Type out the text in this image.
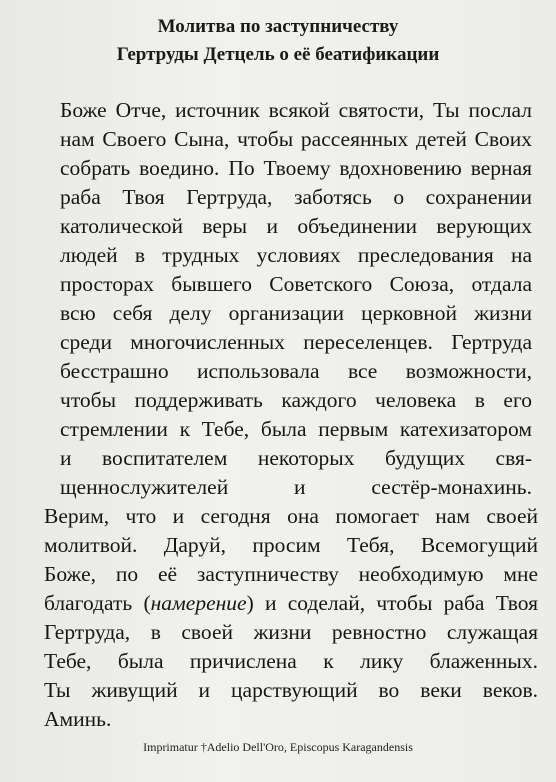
Молитва по заступничеству
Гертруды Детцель о её беатификации
Боже Отче, источник всякой святости, Ты послал
нам Своего Сына, чтобы рассеянных детей Своих
собрать воедино. По Твоему вдохновению верная
раба Твоя Гертруда, заботясь о сохранении
католической веры и объединении верующих
людей в трудных условиях преследования на
просторах бывшего Советского Союза, отдала
всю себя делу организации церковной жизни
среди многочисленных переселенцев. Гертруда
бесстрашно использовала все возможности,
чтобы поддерживать каждого человека в его
стремлении к Тебе, была первым катехизатором
и воспитателем некоторых будущих свя-
щеннослужителей и сестёр-монахинь.
Верим, что и сегодня она помогает нам своей
молитвой. Даруй, просим Тебя, Всемогущий
Боже, по её заступничеству необходимую мне
благодать (намерение) и соделай, чтобы раба Твоя
Гертруда, в своей жизни ревностно служащая
Тебе, была причислена к лику блаженных.
Ты живущий и царствующий во веки веков.
Аминь.
Imprimatur †Adelio Dell'Oro, Episcopus Karagandensis
